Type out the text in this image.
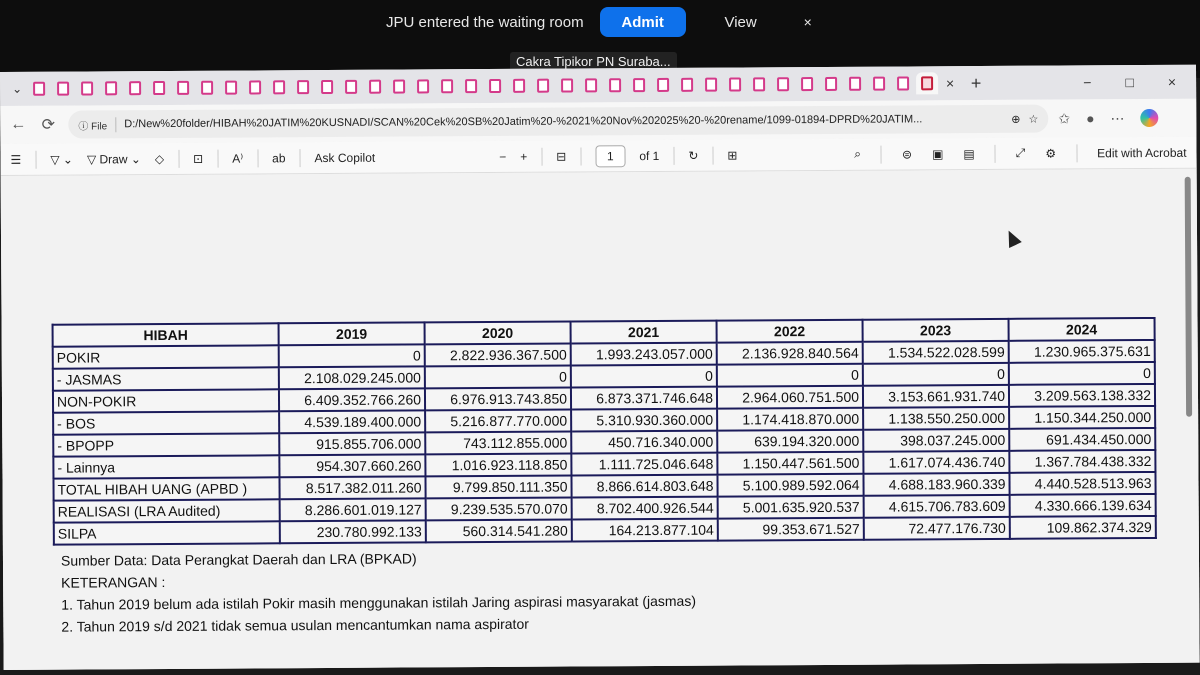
JPU entered the waiting room	Admit	View	×
Cakra Tipikor PN Suraba...
⌄	× +	− □ ×
← ⟳	ⓘ File	D:/New%20folder/HIBAH%20JATIM%20KUSNADI/SCAN%20Cek%20SB%20Jatim%20-%2021%20Nov%202025%20-%20rename/1099-01894-DPRD%20JATIM...	⊕ ☆ ✩ ● ⋯
☰ ▽ ⌄ ▽ Draw ⌄ ◇ ⊡ A⁾ ab Ask Copilot	− + ⊟	1	of 1 ↻ ⊞	⌕	⊜ ▣ ▤	⤢ ⚙	Edit with Acrobat
HIBAH	2019	2020	2021	2022	2023	2024
POKIR	0	2.822.936.367.500	1.993.243.057.000	2.136.928.840.564	1.534.522.028.599	1.230.965.375.631
- JASMAS	2.108.029.245.000	0	0	0	0	0
NON-POKIR	6.409.352.766.260	6.976.913.743.850	6.873.371.746.648	2.964.060.751.500	3.153.661.931.740	3.209.563.138.332
- BOS	4.539.189.400.000	5.216.877.770.000	5.310.930.360.000	1.174.418.870.000	1.138.550.250.000	1.150.344.250.000
- BPOPP	915.855.706.000	743.112.855.000	450.716.340.000	639.194.320.000	398.037.245.000	691.434.450.000
- Lainnya	954.307.660.260	1.016.923.118.850	1.111.725.046.648	1.150.447.561.500	1.617.074.436.740	1.367.784.438.332
TOTAL HIBAH UANG (APBD )	8.517.382.011.260	9.799.850.111.350	8.866.614.803.648	5.100.989.592.064	4.688.183.960.339	4.440.528.513.963
REALISASI (LRA Audited)	8.286.601.019.127	9.239.535.570.070	8.702.400.926.544	5.001.635.920.537	4.615.706.783.609	4.330.666.139.634
SILPA	230.780.992.133	560.314.541.280	164.213.877.104	99.353.671.527	72.477.176.730	109.862.374.329
Sumber Data: Data Perangkat Daerah dan LRA (BPKAD)
KETERANGAN :
1. Tahun 2019 belum ada istilah Pokir masih menggunakan istilah Jaring aspirasi masyarakat (jasmas)
2. Tahun 2019 s/d 2021 tidak semua usulan mencantumkan nama aspirator
